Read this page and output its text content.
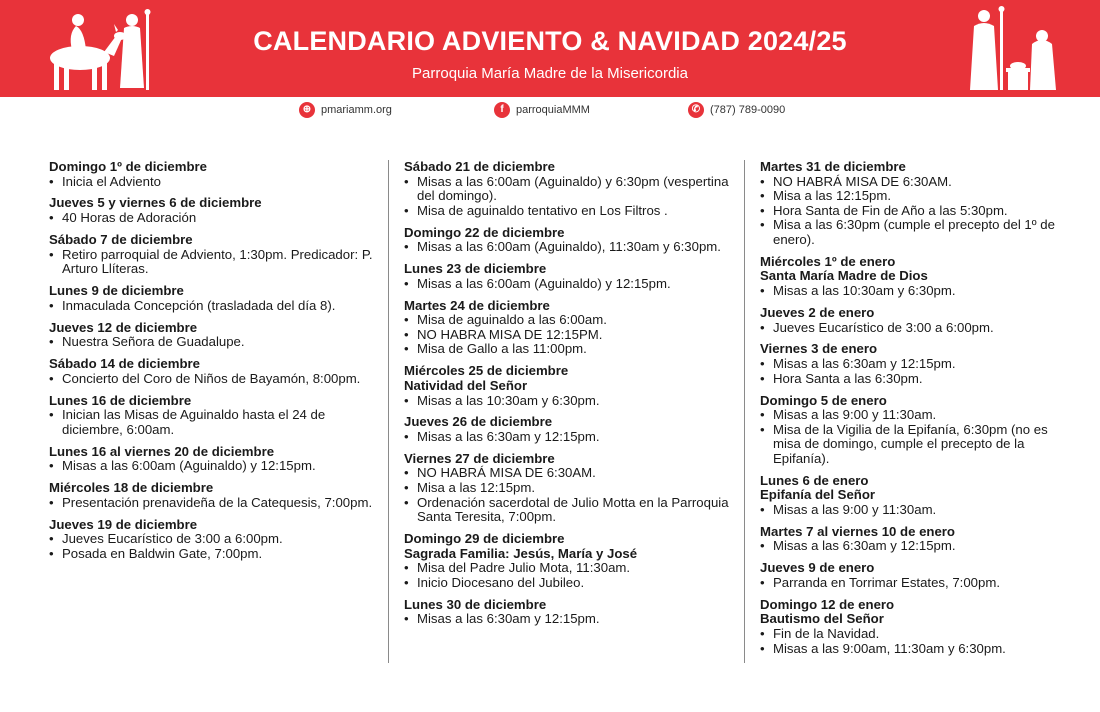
CALENDARIO ADVIENTO & NAVIDAD 2024/25
Parroquia María Madre de la Misericordia
⊕ pmariamm.org	f	parroquiaMMM	✆ (787) 789-0090
Domingo 1º de diciembre
• Inicia el Adviento
Jueves 5 y viernes 6 de diciembre
• 40 Horas de Adoración
Sábado 7 de diciembre
• Retiro parroquial de Adviento, 1:30pm. Predicador: P. Arturo Llíteras.
Lunes 9 de diciembre
• Inmaculada Concepción (trasladada del día 8).
Jueves 12 de diciembre
• Nuestra Señora de Guadalupe.
Sábado 14 de diciembre
• Concierto del Coro de Niños de Bayamón, 8:00pm.
Lunes 16 de diciembre
• Inician las Misas de Aguinaldo hasta el 24 de diciembre, 6:00am.
Lunes 16 al viernes 20 de diciembre
• Misas a las 6:00am (Aguinaldo) y 12:15pm.
Miércoles 18 de diciembre
• Presentación prenavideña de la Catequesis, 7:00pm.
Jueves 19 de diciembre
• Jueves Eucarístico de 3:00 a 6:00pm.
• Posada en Baldwin Gate, 7:00pm.
Sábado 21 de diciembre
• Misas a las 6:00am (Aguinaldo) y 6:30pm (vespertina del domingo).
• Misa de aguinaldo tentativo en Los Filtros .
Domingo 22 de diciembre
• Misas a las 6:00am (Aguinaldo), 11:30am y 6:30pm.
Lunes 23 de diciembre
• Misas a las 6:00am (Aguinaldo) y 12:15pm.
Martes 24 de diciembre
• Misa de aguinaldo a las 6:00am.
• NO HABRA MISA DE 12:15PM.
• Misa de Gallo a las 11:00pm.
Miércoles 25 de diciembre
Natividad del Señor
• Misas a las 10:30am y 6:30pm.
Jueves 26 de diciembre
• Misas a las 6:30am y 12:15pm.
Viernes 27 de diciembre
• NO HABRÁ MISA DE 6:30AM.
• Misa a las 12:15pm.
• Ordenación sacerdotal de Julio Motta en la Parroquia Santa Teresita, 7:00pm.
Domingo 29 de diciembre
Sagrada Familia: Jesús, María y José
• Misa del Padre Julio Mota, 11:30am.
• Inicio Diocesano del Jubileo.
Lunes 30 de diciembre
• Misas a las 6:30am y 12:15pm.
Martes 31 de diciembre
• NO HABRÁ MISA DE 6:30AM.
• Misa a las 12:15pm.
• Hora Santa de Fin de Año a las 5:30pm.
• Misa a las 6:30pm (cumple el precepto del 1º de enero).
Miércoles 1º de enero
Santa María Madre de Dios
• Misas a las 10:30am y 6:30pm.
Jueves 2 de enero
• Jueves Eucarístico de 3:00 a 6:00pm.
Viernes 3 de enero
• Misas a las 6:30am y 12:15pm.
• Hora Santa a las 6:30pm.
Domingo 5 de enero
• Misas a las 9:00 y 11:30am.
• Misa de la Vigilia de la Epifanía, 6:30pm (no es misa de domingo, cumple el precepto de la Epifanía).
Lunes 6 de enero
Epifanía del Señor
• Misas a las 9:00 y 11:30am.
Martes 7 al viernes 10 de enero
• Misas a las 6:30am y 12:15pm.
Jueves 9 de enero
• Parranda en Torrimar Estates, 7:00pm.
Domingo 12 de enero
Bautismo del Señor
• Fin de la Navidad.
• Misas a las 9:00am, 11:30am y 6:30pm.
